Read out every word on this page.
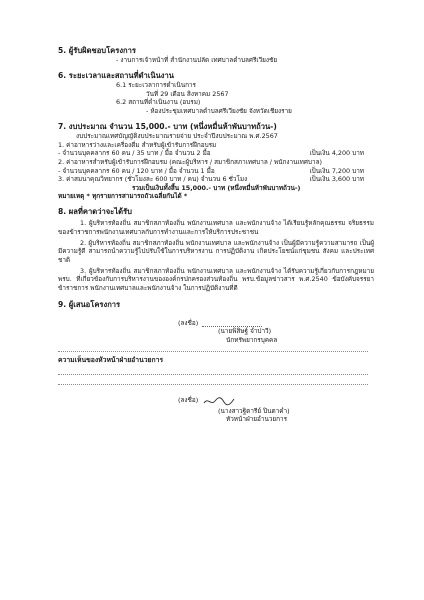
5. ผู้รับผิดชอบโครงการ
- งานการเจ้าหน้าที่ สำนักงานปลัด เทศบาลตำบลศรีเวียงชัย
6. ระยะเวลาและสถานที่ดำเนินงาน
6.1 ระยะเวลาการดำเนินการ
วันที่ 29 เดือน สิงหาคม 2567
6.2 สถานที่ดำเนินงาน (อบรม)
- ห้องประชุมเทศบาลตำบลศรีเวียงชัย จังหวัดเชียงราย
7. งบประมาณ จำนวน 15,000.- บาท (หนึ่งหมื่นห้าพันบาทถ้วน-)
งบประมาณเทศบัญญัติงบประมาณรายจ่าย ประจำปีงบประมาณ พ.ศ.2567
1. ค่าอาหารว่างและเครื่องดื่ม สำหรับผู้เข้ารับการฝึกอบรม
- จำนวนบุคคลากร 60 คน / 35 บาท / มื้อ จำนวน 2 มื้อ	เป็นเงิน 4,200 บาท
2. ค่าอาหารสำหรับผู้เข้ารับการฝึกอบรม (คณะผู้บริหาร / สมาชิกสภาเทศบาล / พนักงานเทศบาล)
- จำนวนบุคคลากร 60 คน / 120 บาท / มื้อ จำนวน 1 มื้อ	เป็นเงิน 7,200 บาท
3. ค่าสมนาคุณวิทยากร (ชั่วโมงละ 600 บาท / คน) จำนวน 6 ชั่วโมง	เป็นเงิน 3,600 บาท
รวมเป็นเงินทั้งสิ้น 15,000.- บาท (หนึ่งหมื่นห้าพันบาทถ้วน-)
หมายเหตุ * ทุกรายการสามารถถัวเฉลี่ยกันได้ *
8. ผลที่คาดว่าจะได้รับ
1. ผู้บริหารท้องถิ่น สมาชิกสภาท้องถิ่น พนักงานเทศบาล และพนักงานจ้าง ได้เรียนรู้หลักคุณธรรม จริยธรรมของข้าราชการพนักงานเทศบาลกับการทำงานและการให้บริการประชาชน
2. ผู้บริหารท้องถิ่น สมาชิกสภาท้องถิ่น พนักงานเทศบาล และพนักงานจ้าง เป็นผู้มีความรู้ความสามารถ เป็นผู้มีความรู้ดี สามารถนำความรู้ไปปรับใช้ในการบริหารงาน การปฏิบัติงาน เกิดประโยชน์แก่ชุมชน สังคม และประเทศชาติ
3. ผู้บริหารท้องถิ่น สมาชิกสภาท้องถิ่น พนักงานเทศบาล และพนักงานจ้าง ได้รับความรู้เกี่ยวกับการกฎหมาย พรบ. ที่เกี่ยวข้องกับการบริหารงานขององค์กรปกครองส่วนท้องถิ่น พรบ.ข้อมูลข่าวสาร พ.ศ.2540 ข้อบังคับจรรยาข้าราชการ พนักงานเทศบาลและพนักงานจ้าง ในการปฏิบัติงานที่ดี
9. ผู้เสนอโครงการ
(ลงชื่อ)
(นายพิสิษฐ์ จำปาวี)
นักทรัพยากรบุคคล
ความเห็นของหัวหน้าฝ่ายอำนวยการ
(ลงชื่อ)
(นางสาวฐิตารีย์ ปินตาคำ)
หัวหน้าฝ่ายอำนวยการ
